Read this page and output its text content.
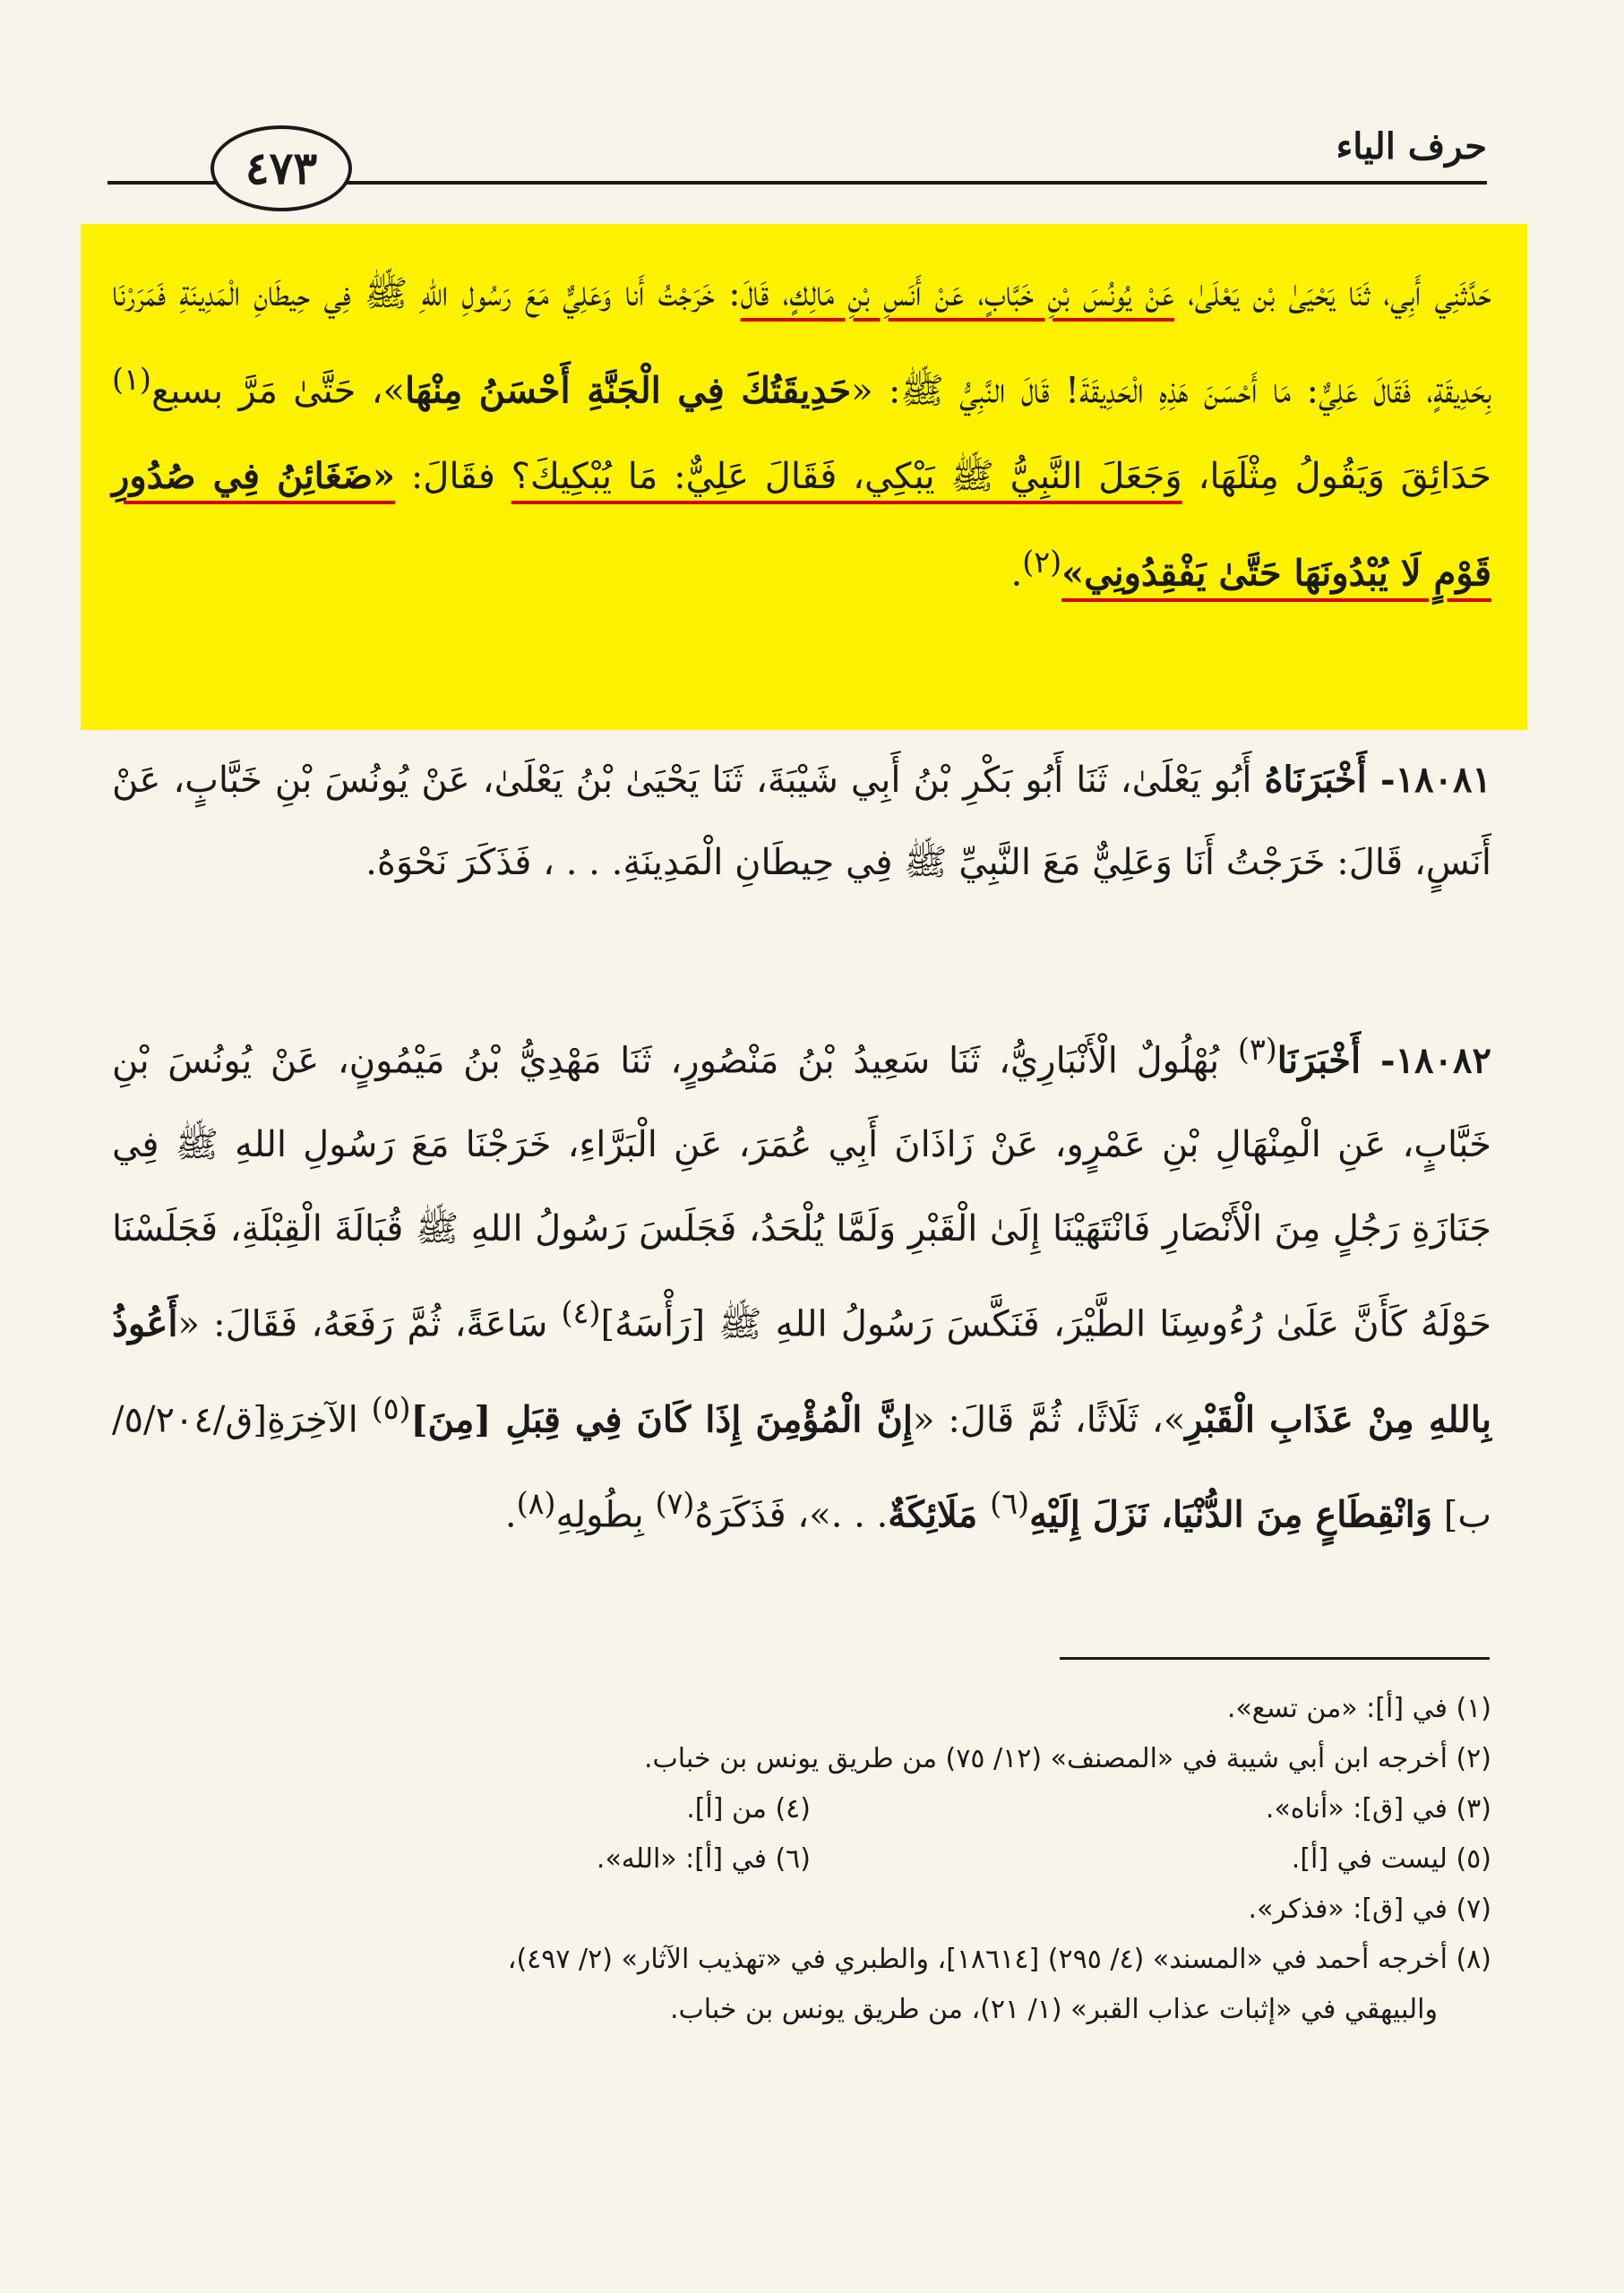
٤٧٣	حرف الياء

حَدَّثَنِي أَبِي، ثَنَا يَحْيَىٰ بْن يَعْلَىٰ، عَنْ يُونُسَ بْنِ خَبَّابٍ، عَنْ أَنَسِ بْنِ مَالِكٍ، قَالَ: خَرَجْتُ أَنا وَعَلِيٌّ مَعَ رَسُولِ اللهِ ﷺ فِي حِيطَانِ الْمَدِينَةِ فَمَرَرْنَا بِحَدِيقَةٍ، فَقَالَ عَلِيٌّ: مَا أَحْسَنَ هَذِهِ الْحَدِيقَةَ! قَالَ النَّبِيُّ ﷺ: «حَدِيقَتُكَ فِي الْجَنَّةِ أَحْسَنُ مِنْهَا»، حَتَّىٰ مَرَّ بسبع$^{(١)}$ حَدَائِقَ وَيَقُولُ مِثْلَهَا، وَجَعَلَ النَّبِيُّ ﷺ يَبْكِي، فَقَالَ عَلِيٌّ: مَا يُبْكِيكَ؟ فقَالَ: «ضَغَائِنُ فِي صُدُورِ قَوْمٍ لَا يُبْدُونَهَا حَتَّىٰ يَفْقِدُونِي»$^{(٢)}$.

١٨٠٨١- أَخْبَرَنَاهُ أَبُو يَعْلَىٰ، ثَنَا أَبُو بَكْرِ بْنُ أَبِي شَيْبَةَ، ثَنَا يَحْيَىٰ بْنُ يَعْلَىٰ، عَنْ يُونُسَ بْنِ خَبَّابٍ، عَنْ أَنَسٍ، قَالَ: خَرَجْتُ أَنَا وَعَلِيٌّ مَعَ النَّبِيِّ ﷺ فِي حِيطَانِ الْمَدِينَةِ. . . ، فَذَكَرَ نَحْوَهُ.

١٨٠٨٢- أَخْبَرَنَا$^{(٣)}$ بُهْلُولٌ الْأَنْبَارِيُّ، ثَنَا سَعِيدُ بْنُ مَنْصُورٍ، ثَنَا مَهْدِيُّ بْنُ مَيْمُونٍ، عَنْ يُونُسَ بْنِ خَبَّابٍ، عَنِ الْمِنْهَالِ بْنِ عَمْرٍو، عَنْ زَاذَانَ أَبِي عُمَرَ، عَنِ الْبَرَّاءِ، خَرَجْنَا مَعَ رَسُولِ اللهِ ﷺ فِي جَنَازَةِ رَجُلٍ مِنَ الْأَنْصَارِ فَانْتَهَيْنَا إِلَىٰ الْقَبْرِ وَلَمَّا يُلْحَدُ، فَجَلَسَ رَسُولُ اللهِ ﷺ قُبَالَةَ الْقِبْلَةِ، فَجَلَسْنَا حَوْلَهُ كَأَنَّ عَلَىٰ رُءُوسِنَا الطَّيْرَ، فَنَكَّسَ رَسُولُ اللهِ ﷺ [رَأْسَهُ]$^{(٤)}$ سَاعَةً، ثُمَّ رَفَعَهُ، فَقَالَ: «أَعُوذُ بِاللهِ مِنْ عَذَابِ الْقَبْرِ»، ثَلَاثًا، ثُمَّ قَالَ: «إِنَّ الْمُؤْمِنَ إِذَا كَانَ فِي قِبَلِ [مِنَ]$^{(٥)}$ الآخِرَةِ[ق/٥/٢٠٤/ب] وَانْقِطَاعٍ مِنَ الدُّنْيَا، نَزَلَ إِلَيْهِ$^{(٦)}$ مَلَائِكَةٌ. . .»، فَذَكَرَهُ$^{(٧)}$ بِطُولِهِ$^{(٨)}$.

(١) في [أ]: «من تسع».
(٢) أخرجه ابن أبي شيبة في «المصنف» (١٢/ ٧٥) من طريق يونس بن خباب.
(٣) في [ق]: «أناه».
(٤) من [أ].
(٥) ليست في [أ].
(٦) في [أ]: «الله».
(٧) في [ق]: «فذكر».
(٨) أخرجه أحمد في «المسند» (٤/ ٢٩٥) [١٨٦١٤]، والطبري في «تهذيب الآثار» (٢/ ٤٩٧)،
والبيهقي في «إثبات عذاب القبر» (١/ ٢١)، من طريق يونس بن خباب.
